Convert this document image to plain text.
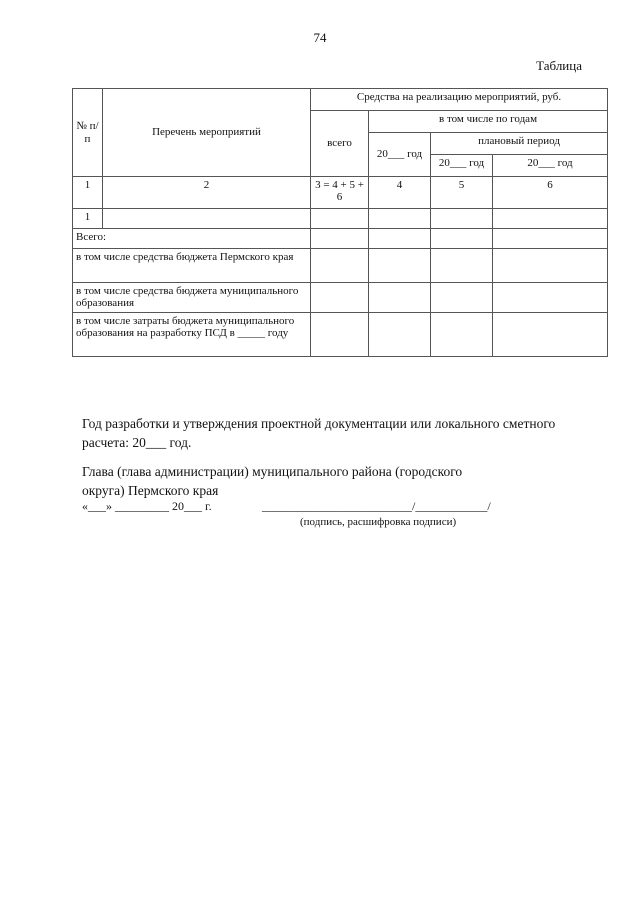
74
Таблица
№ п/п	Перечень мероприятий	Средства на реализацию мероприятий, руб.			
		всего	в том числе по годам		
			20___ год	плановый период	
				20___ год	20___ год
1	2	3 = 4 + 5 + 6	4	5	6
1					
Всего:					
в том числе средства бюджета Пермского края					
в том числе средства бюджета муниципального образования					
в том числе затраты бюджета муниципального образования на разработку ПСД в _____ году					
Год разработки и утверждения проектной документации или локального сметного расчета: 20___ год.
Глава (глава администрации) муниципального района (городского округа) Пермского края
«___» _________ 20___ г.	_________________________/____________/
(подпись, расшифровка подписи)
